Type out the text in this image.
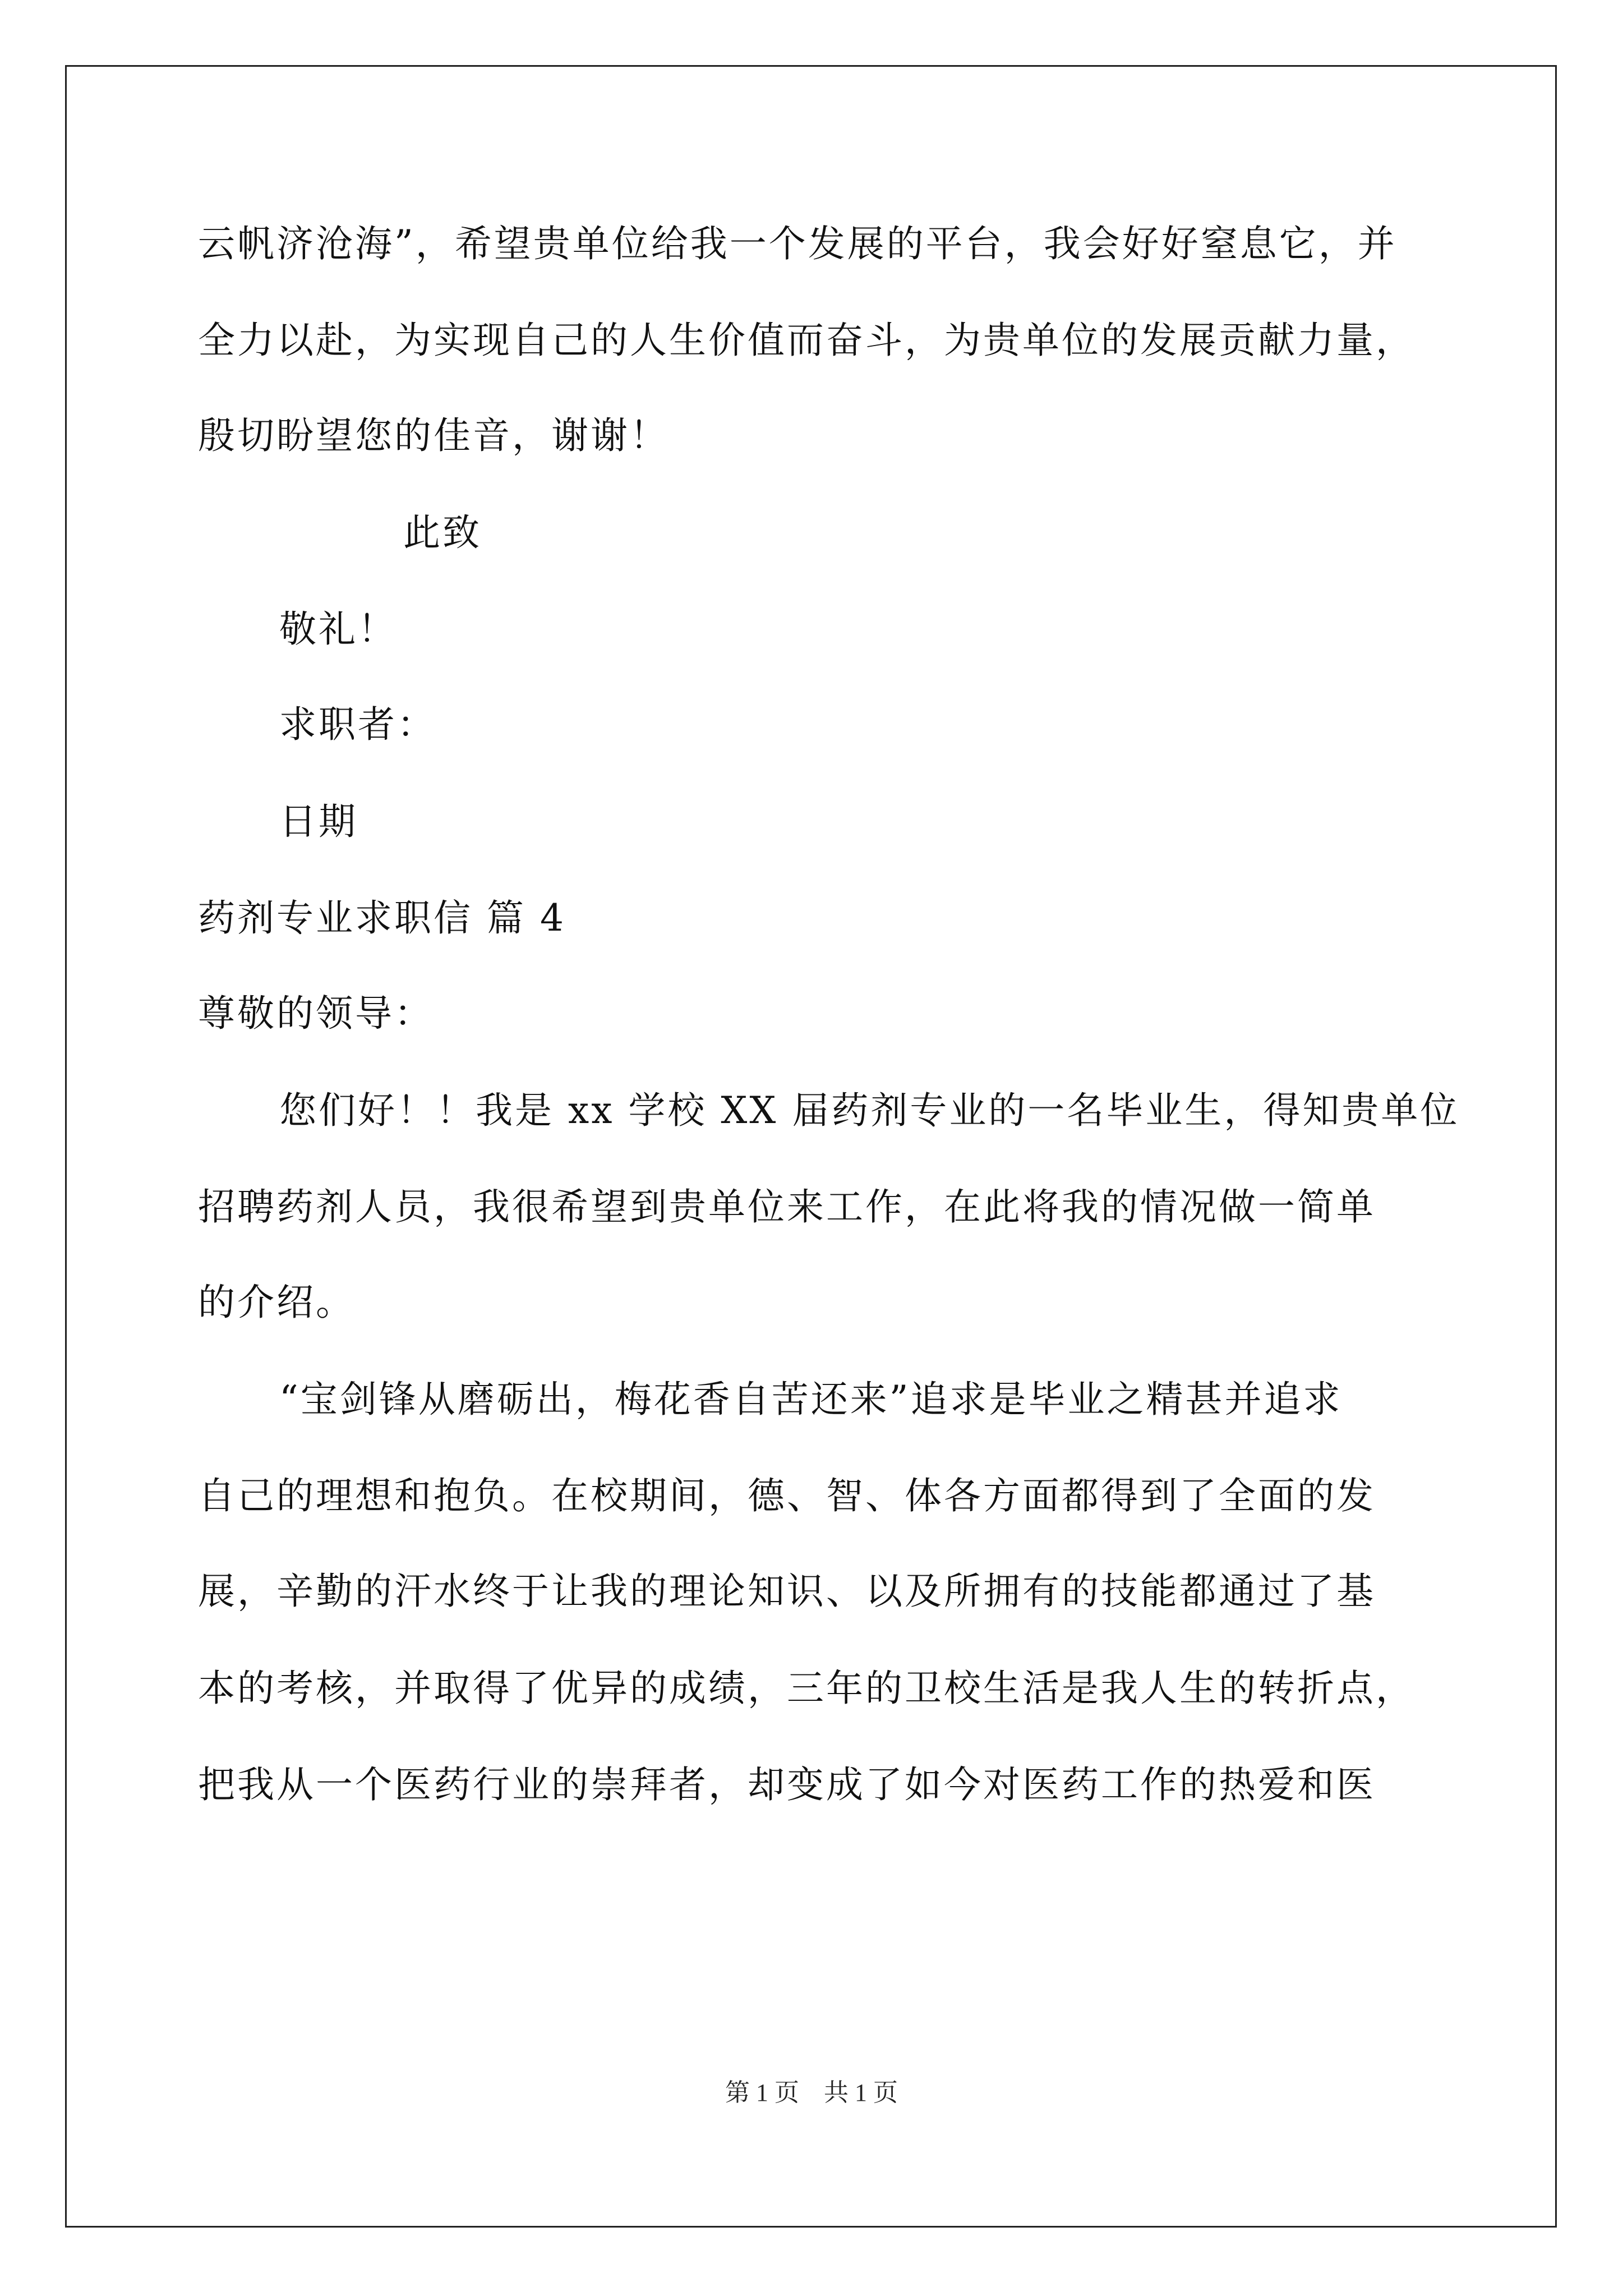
云帆济沧海”，希望贵单位给我一个发展的平台，我会好好窒息它，并
全力以赴，为实现自己的人生价值而奋斗，为贵单位的发展贡献力量，
殷切盼望您的佳音，谢谢！
此致
敬礼！
求职者：
日期
药剂专业求职信 篇 4
尊敬的领导：
您们好！！我是 xx 学校 XX 届药剂专业的一名毕业生，得知贵单位
招聘药剂人员，我很希望到贵单位来工作，在此将我的情况做一简单
的介绍。
“宝剑锋从磨砺出，梅花香自苦还来”追求是毕业之精甚并追求
自己的理想和抱负。在校期间，德、智、体各方面都得到了全面的发
展，辛勤的汗水终于让我的理论知识、以及所拥有的技能都通过了基
本的考核，并取得了优异的成绩，三年的卫校生活是我人生的转折点，
把我从一个医药行业的崇拜者，却变成了如今对医药工作的热爱和医
第 1 页　共 1 页
